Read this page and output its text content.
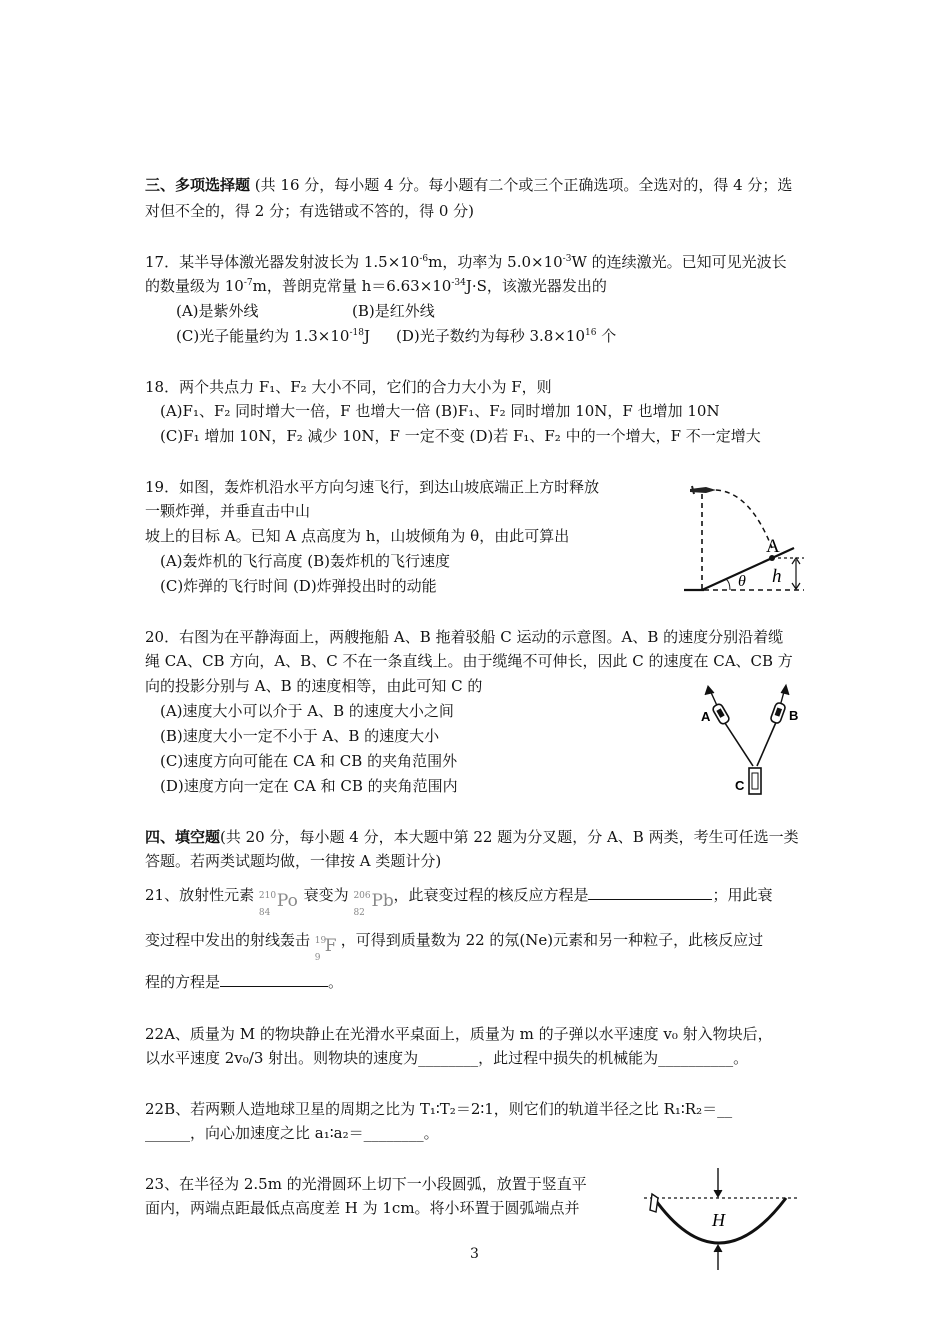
三、多项选择题 (共 16 分，每小题 4 分。每小题有二个或三个正确选项。全选对的，得 4 分；选
对但不全的，得 2 分；有选错或不答的，得 0 分)
17．某半导体激光器发射波长为 $1.5\times 10^{-6}m$，功率为 $5.0\times 10^{-3}W$ 的连续激光。已知可见光波长
的数量级为 $10^{-7}m$，普朗克常量 $h=6.63\times 10^{-34}J\cdot S$，该激光器发出的
(A)是紫外线	(B)是红外线
(C)光子能量约为 $1.3\times 10^{-18}J$ (D)光子数约为每秒 $3.8\times 10^{16}$ 个
18．两个共点力 F₁、F₂ 大小不同，它们的合力大小为 F，则
(A)F₁、F₂ 同时增大一倍，F 也增大一倍 (B)F₁、F₂ 同时增加 10N，F 也增加 10N
(C)F₁ 增加 10N，F₂ 减少 10N，F 一定不变 (D)若 F₁、F₂ 中的一个增大，F 不一定增大
19．如图，轰炸机沿水平方向匀速飞行，到达山坡底端正上方时释放
一颗炸弹，并垂直击中山
坡上的目标 A。已知 A 点高度为 h，山坡倾角为 θ，由此可算出
(A)轰炸机的飞行高度 (B)轰炸机的飞行速度
(C)炸弹的飞行时间 (D)炸弹投出时的动能
A
θ h
20．右图为在平静海面上，两艘拖船 A、B 拖着驳船 C 运动的示意图。A、B 的速度分别沿着缆
绳 CA、CB 方向，A、B、C 不在一条直线上。由于缆绳不可伸长，因此 C 的速度在 CA、CB 方
向的投影分别与 A、B 的速度相等，由此可知 C 的
(A)速度大小可以介于 A、B 的速度大小之间
(B)速度大小一定不小于 A、B 的速度大小
(C)速度方向可能在 CA 和 CB 的夹角范围外
(D)速度方向一定在 CA 和 CB 的夹角范围内
A	B
C
四、填空题(共 20 分，每小题 4 分，本大题中第 22 题为分叉题，分 A、B 两类，考生可任选一类
答题。若两类试题均做，一律按 A 类题计分)
21、放射性元素 210
84
Po 衰变为 206
82
Pb ，此衰变过程的核反应方程是	；用此衰
变过程中发出的射线轰击 19
9
F ，可得到质量数为 22 的氖(Ne)元素和另一种粒子，此核反应过
程的方程是	。
22A、质量为 M 的物块静止在光滑水平桌面上，质量为 m 的子弹以水平速度 v₀ 射入物块后，
以水平速度 2v₀/3 射出。则物块的速度为________，此过程中损失的机械能为__________。
22B、若两颗人造地球卫星的周期之比为 T₁∶T₂＝2∶1，则它们的轨道半径之比 R₁∶R₂＝__
______，向心加速度之比 a₁∶a₂＝________。
23、在半径为 2.5m 的光滑圆环上切下一小段圆弧，放置于竖直平
面内，两端点距最低点高度差 H 为 1cm。将小环置于圆弧端点并
H
3
